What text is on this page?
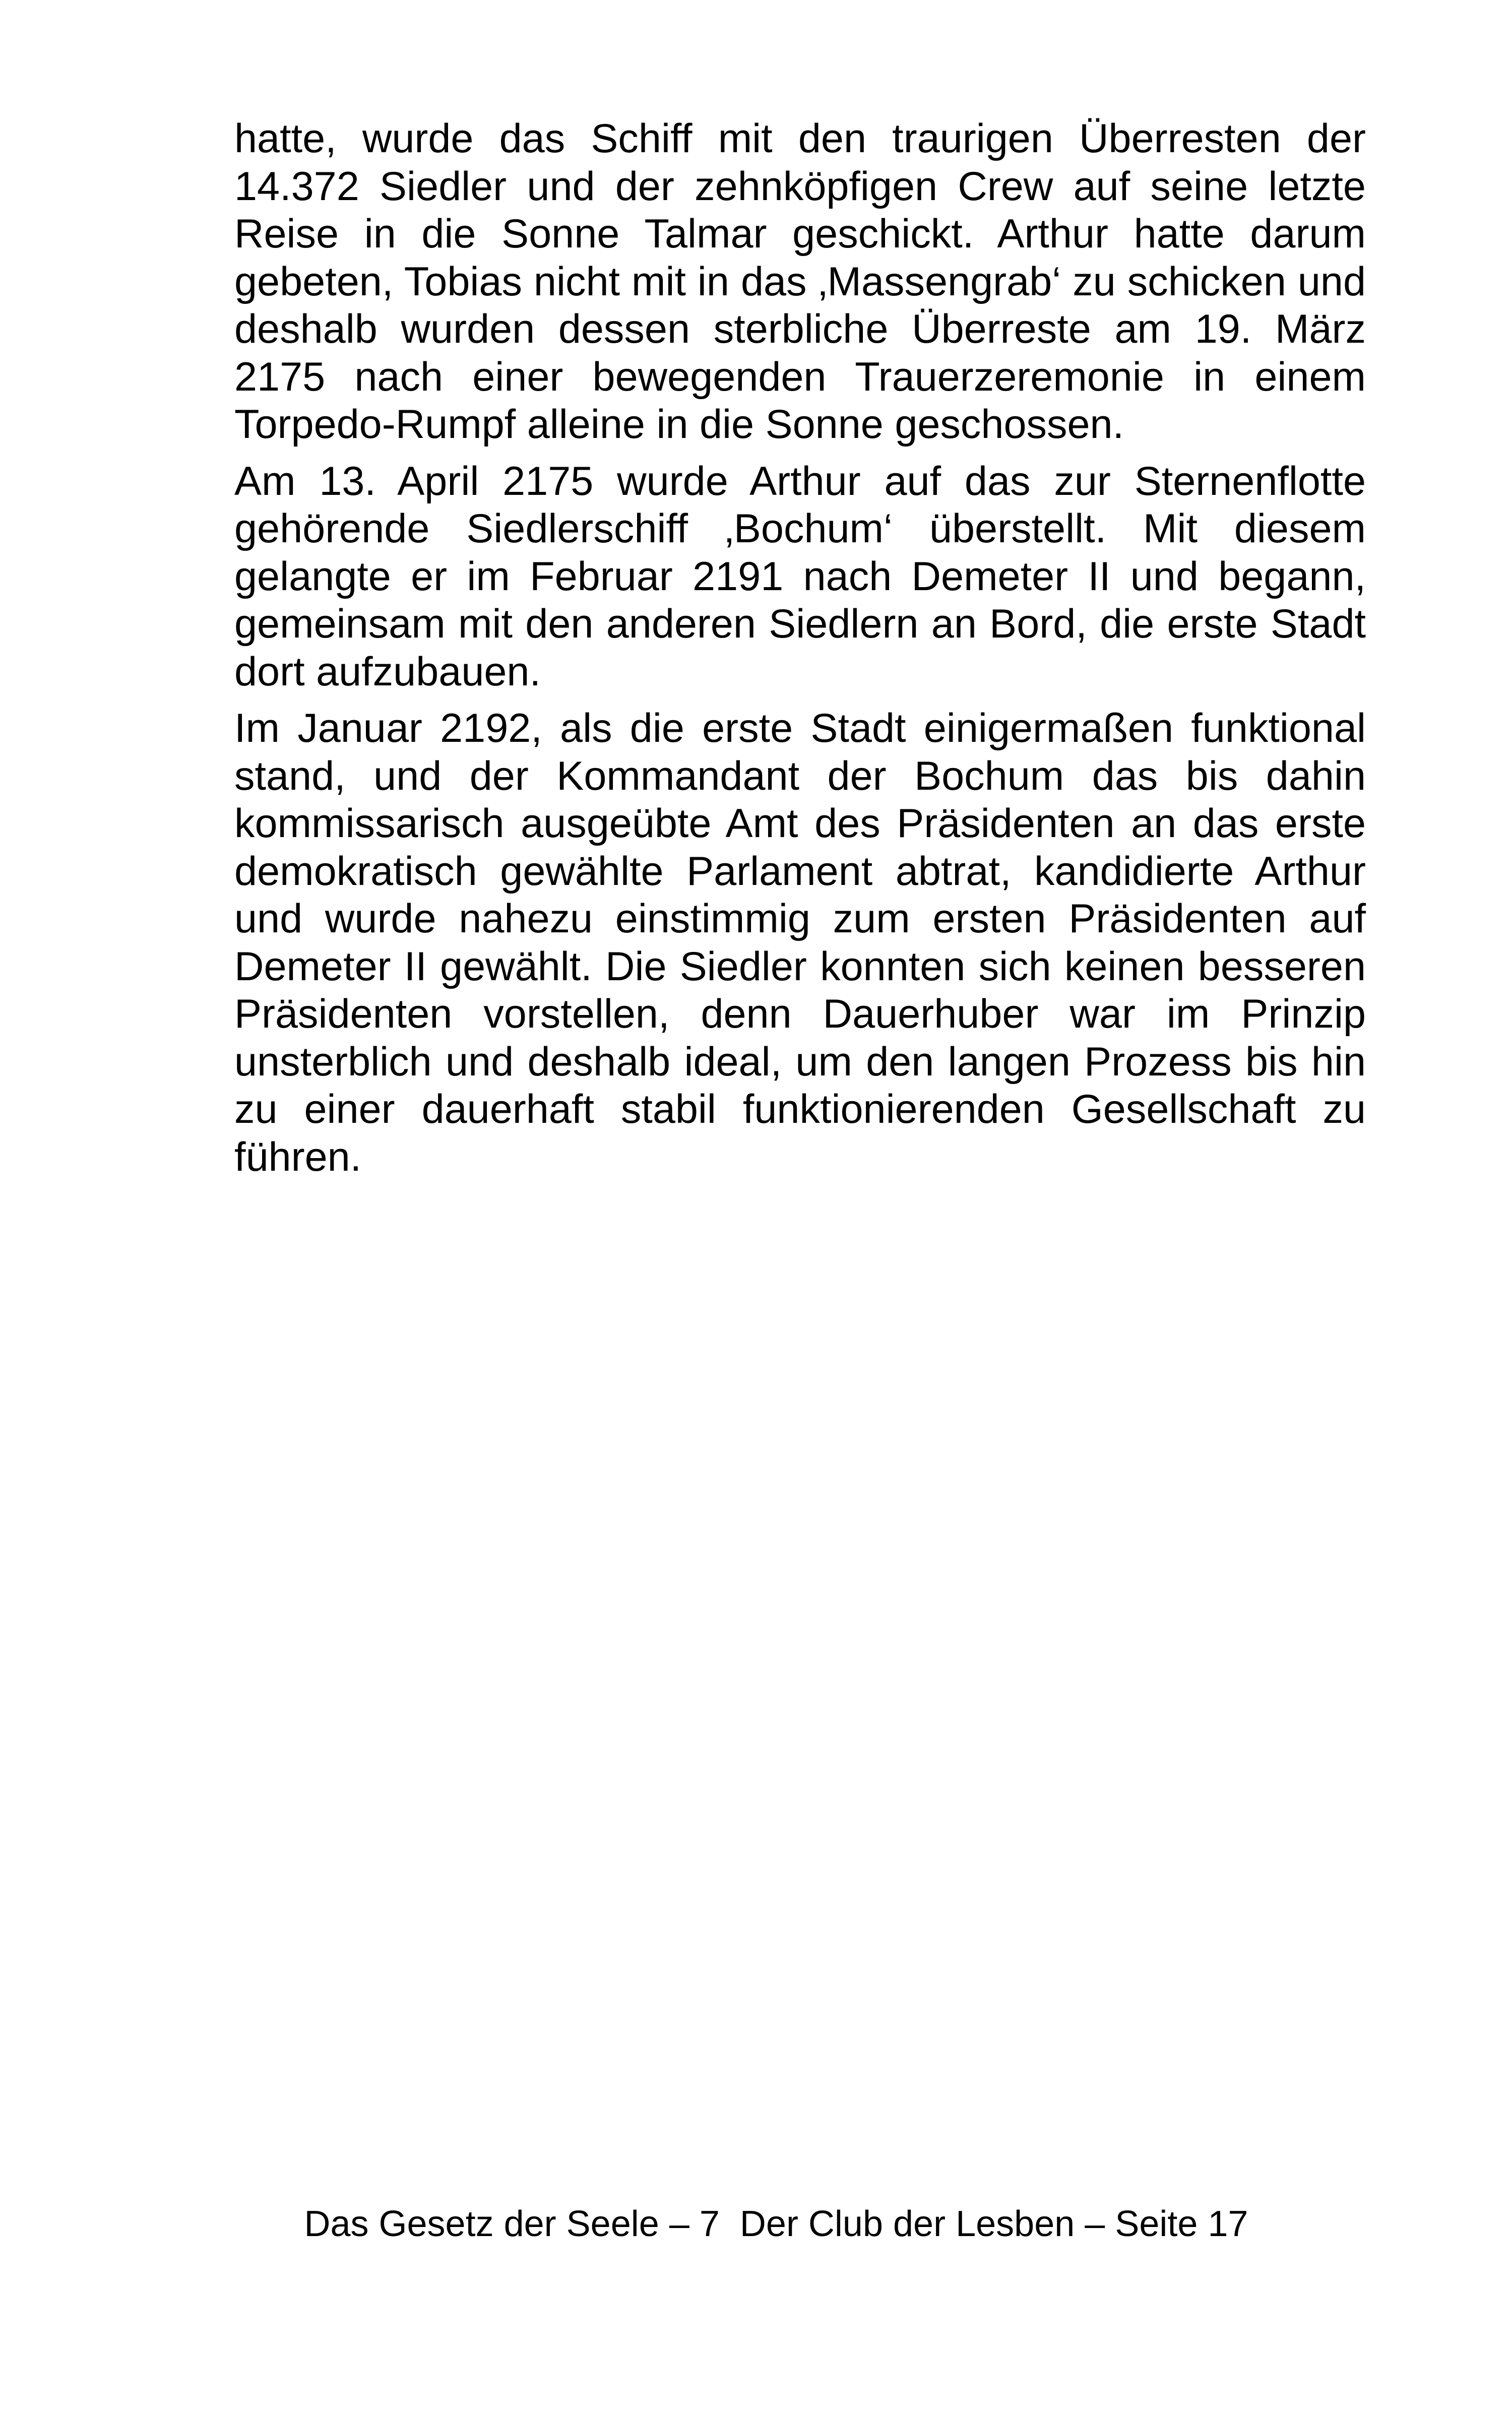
hatte, wurde das Schiff mit den traurigen Überresten der 14.372 Siedler und der zehnköpfigen Crew auf seine letzte Reise in die Sonne Talmar geschickt. Arthur hatte darum gebeten, Tobias nicht mit in das ‚Massengrab‘ zu schicken und deshalb wurden dessen sterbliche Überreste am 19. März 2175 nach einer bewegenden Trauerzeremonie in einem Torpedo-Rumpf alleine in die Sonne geschossen.

Am 13. April 2175 wurde Arthur auf das zur Sternenflotte gehörende Siedlerschiff ‚Bochum‘ überstellt. Mit diesem gelangte er im Februar 2191 nach Demeter II und begann, gemeinsam mit den anderen Siedlern an Bord, die erste Stadt dort aufzubauen.

Im Januar 2192, als die erste Stadt einigermaßen funktional stand, und der Kommandant der Bochum das bis dahin kommissarisch ausgeübte Amt des Präsidenten an das erste demokratisch gewählte Parlament abtrat, kandidierte Arthur und wurde nahezu einstimmig zum ersten Präsidenten auf Demeter II gewählt. Die Siedler konnten sich keinen besseren Präsidenten vorstellen, denn Dauerhuber war im Prinzip unsterblich und deshalb ideal, um den langen Prozess bis hin zu einer dauerhaft stabil funktionierenden Gesellschaft zu führen.

Das Gesetz der Seele – 7  Der Club der Lesben – Seite 17
